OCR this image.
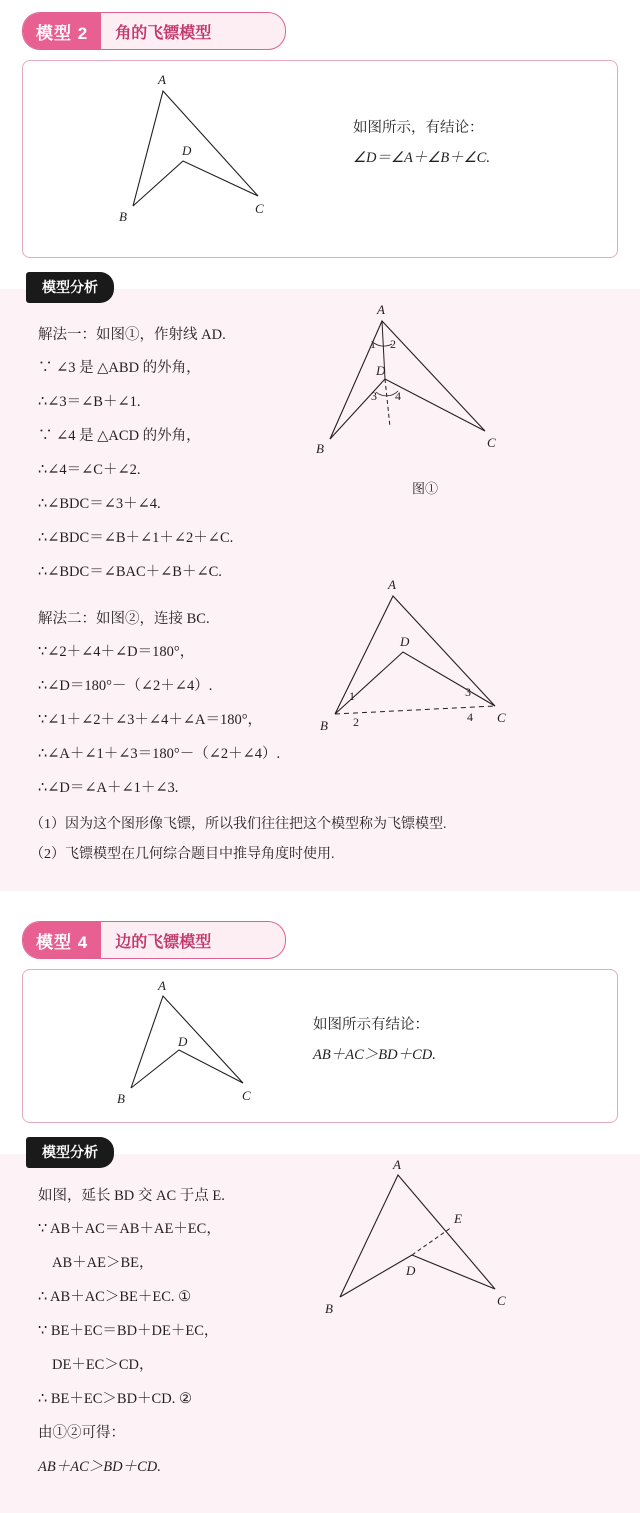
模型 2	角的飞镖模型
A
B
C
D
如图所示，有结论：
∠D＝∠A＋∠B＋∠C.
模型分析
解法一：如图①，作射线 AD.
∵ ∠3 是 △ABD 的外角，
∴∠3＝∠B＋∠1.
∵ ∠4 是 △ACD 的外角，
∴∠4＝∠C＋∠2.
∴∠BDC＝∠3＋∠4.
∴∠BDC＝∠B＋∠1＋∠2＋∠C.
∴∠BDC＝∠BAC＋∠B＋∠C.
A
B	C
D
1 2
3 4
图①
解法二：如图②，连接 BC.
∵∠2＋∠4＋∠D＝180°，
∴∠D＝180°－（∠2＋∠4）.
∵∠1＋∠2＋∠3＋∠4＋∠A＝180°，
∴∠A＋∠1＋∠3＝180°－（∠2＋∠4）.
∴∠D＝∠A＋∠1＋∠3.
A
B
C
D
1
2
3
4
（1）因为这个图形像飞镖，所以我们往往把这个模型称为飞镖模型.
（2）飞镖模型在几何综合题目中推导角度时使用.
模型 4	边的飞镖模型
A
B	C
D
如图所示有结论：
AB＋AC＞BD＋CD.
模型分析
如图，延长 BD 交 AC 于点 E.
∵ AB＋AC＝AB＋AE＋EC，
AB＋AE＞BE，
∴ AB＋AC＞BE＋EC. ①
∵ BE＋EC＝BD＋DE＋EC，
DE＋EC＞CD，
∴ BE＋EC＞BD＋CD. ②
由①②可得：
AB＋AC＞BD＋CD.
A
B
C
D
E
